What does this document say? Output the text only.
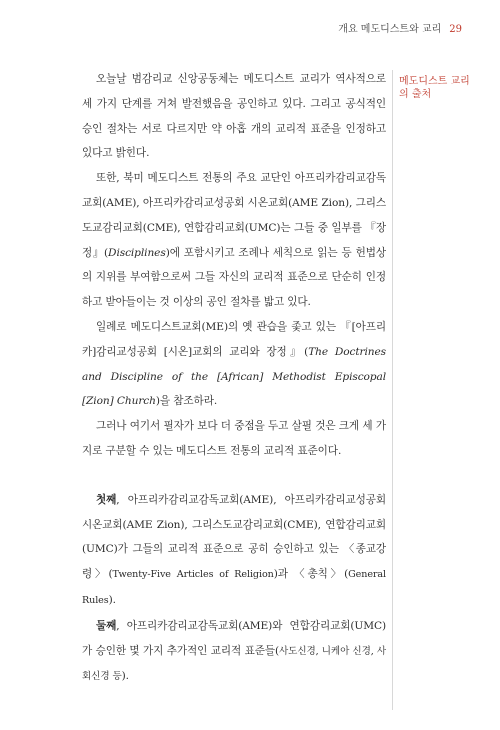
개요 메도디스트와 교리 29
메도디스트 교리의 출처

오늘날 범감리교 신앙공동체는 메도디스트 교리가 역사적으로 세 가지 단계를 거쳐 발전했음을 공인하고 있다. 그리고 공식적인 승인 절차는 서로 다르지만 약 아홉 개의 교리적 표준을 인정하고 있다고 밝힌다.

또한, 북미 메도디스트 전통의 주요 교단인 아프리카감리교감독교회(AME), 아프리카감리교성공회 시온교회(AME Zion), 그리스도교감리교회(CME), 연합감리교회(UMC)는 그들 중 일부를 『장정』(Disciplines)에 포함시키고 조례나 세칙으로 읽는 등 헌법상의 지위를 부여함으로써 그들 자신의 교리적 표준으로 단순히 인정하고 받아들이는 것 이상의 공인 절차를 밟고 있다.

일례로 메도디스트교회(ME)의 옛 관습을 좇고 있는 『[아프리카]감리교성공회 [시온]교회의 교리와 장정』(The Doctrines and Discipline of the [African] Methodist Episcopal [Zion] Church)을 참조하라.

그러나 여기서 필자가 보다 더 중점을 두고 살필 것은 크게 세 가지로 구분할 수 있는 메도디스트 전통의 교리적 표준이다.

첫째, 아프리카감리교감독교회(AME), 아프리카감리교성공회 시온교회(AME Zion), 그리스도교감리교회(CME), 연합감리교회(UMC)가 그들의 교리적 표준으로 공히 승인하고 있는 〈종교강령〉(Twenty-Five Articles of Religion)과 〈총칙〉(General Rules).

둘째, 아프리카감리교감독교회(AME)와 연합감리교회(UMC)가 승인한 몇 가지 추가적인 교리적 표준들(사도신경, 니케아 신경, 사회신경 등).
